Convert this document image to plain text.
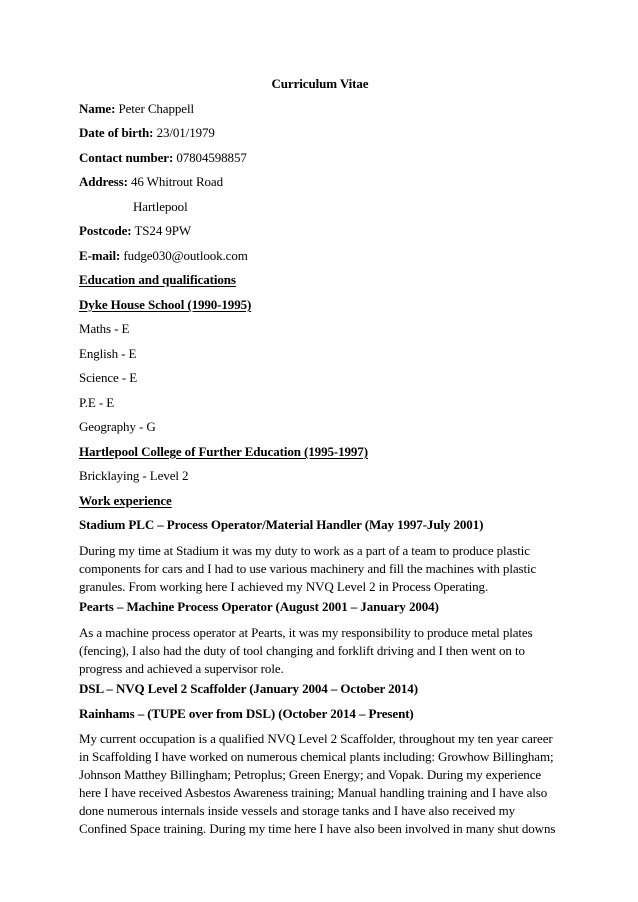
Curriculum Vitae
Name: Peter Chappell
Date of birth: 23/01/1979
Contact number: 07804598857
Address: 46 Whitrout Road
Hartlepool
Postcode: TS24 9PW
E-mail: fudge030@outlook.com
Education and qualifications
Dyke House School (1990-1995)
Maths - E
English - E
Science - E
P.E - E
Geography - G
Hartlepool College of Further Education (1995-1997)
Bricklaying - Level 2
Work experience
Stadium PLC – Process Operator/Material Handler (May 1997-July 2001)
During my time at Stadium it was my duty to work as a part of a team to produce plastic
components for cars and I had to use various machinery and fill the machines with plastic
granules. From working here I achieved my NVQ Level 2 in Process Operating.
Pearts – Machine Process Operator (August 2001 – January 2004)
As a machine process operator at Pearts, it was my responsibility to produce metal plates
(fencing), I also had the duty of tool changing and forklift driving and I then went on to
progress and achieved a supervisor role.
DSL – NVQ Level 2 Scaffolder (January 2004 – October 2014)
Rainhams – (TUPE over from DSL) (October 2014 – Present)
My current occupation is a qualified NVQ Level 2 Scaffolder, throughout my ten year career
in Scaffolding I have worked on numerous chemical plants including: Growhow Billingham;
Johnson Matthey Billingham; Petroplus; Green Energy; and Vopak. During my experience
here I have received Asbestos Awareness training; Manual handling training and I have also
done numerous internals inside vessels and storage tanks and I have also received my
Confined Space training. During my time here I have also been involved in many shut downs
